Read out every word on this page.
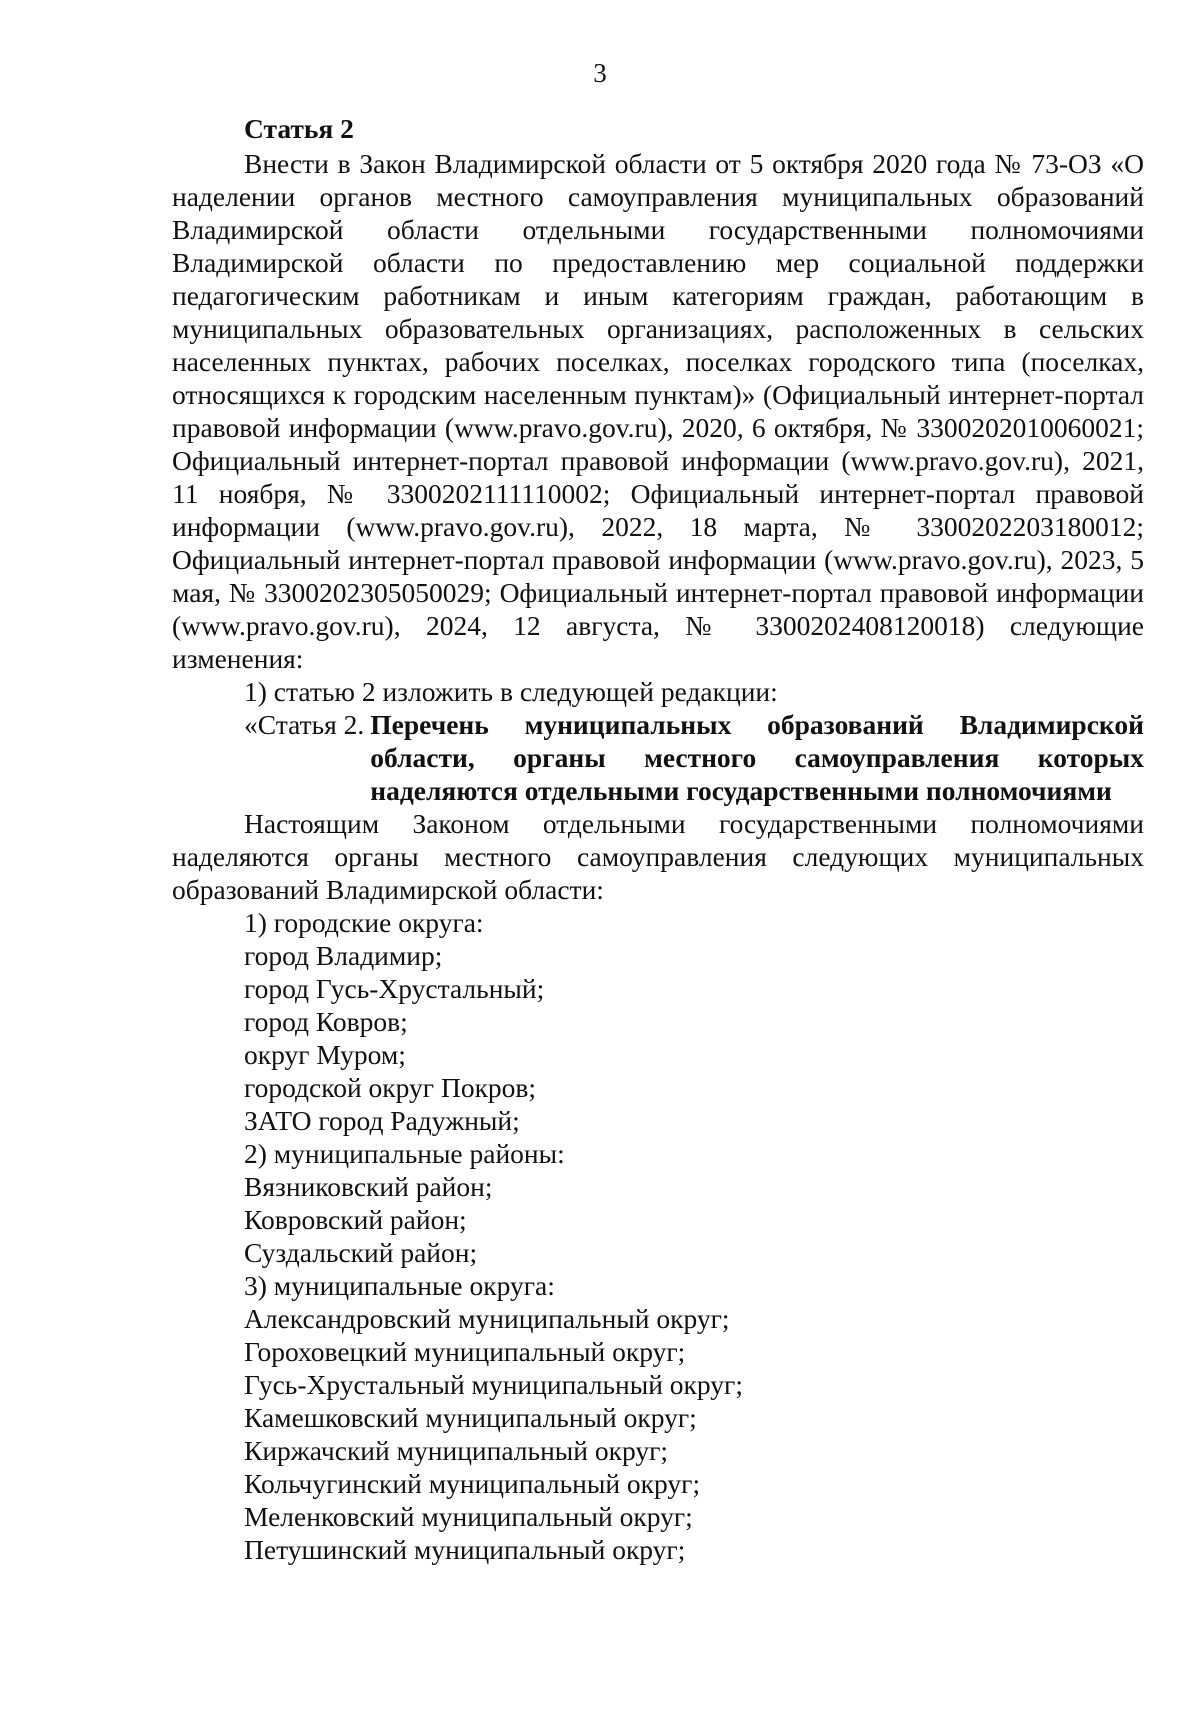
3

Статья 2

Внести в Закон Владимирской области от 5 октября 2020 года № 73-ОЗ «О наделении органов местного самоуправления муниципальных образований Владимирской области отдельными государственными полномочиями Владимирской области по предоставлению мер социальной поддержки педагогическим работникам и иным категориям граждан, работающим в муниципальных образовательных организациях, расположенных в сельских населенных пунктах, рабочих поселках, поселках городского типа (поселках, относящихся к городским населенным пунктам)» (Официальный интернет-портал правовой информации (www.pravo.gov.ru), 2020, 6 октября, № 3300202010060021; Официальный интернет-портал правовой информации (www.pravo.gov.ru), 2021, 11 ноября, № 3300202111110002; Официальный интернет-портал правовой информации (www.pravo.gov.ru), 2022, 18 марта, № 3300202203180012; Официальный интернет-портал правовой информации (www.pravo.gov.ru), 2023, 5 мая, № 3300202305050029; Официальный интернет-портал правовой информации (www.pravo.gov.ru), 2024, 12 августа, № 3300202408120018) следующие изменения:

1) статью 2 изложить в следующей редакции:

«Статья 2. Перечень муниципальных образований Владимирской области, органы местного самоуправления которых наделяются отдельными государственными полномочиями

Настоящим Законом отдельными государственными полномочиями наделяются органы местного самоуправления следующих муниципальных образований Владимирской области:

1) городские округа:

город Владимир;

город Гусь-Хрустальный;

город Ковров;

округ Муром;

городской округ Покров;

ЗАТО город Радужный;

2) муниципальные районы:

Вязниковский район;

Ковровский район;

Суздальский район;

3) муниципальные округа:

Александровский муниципальный округ;

Гороховецкий муниципальный округ;

Гусь-Хрустальный муниципальный округ;

Камешковский муниципальный округ;

Киржачский муниципальный округ;

Кольчугинский муниципальный округ;

Меленковский муниципальный округ;

Петушинский муниципальный округ;
